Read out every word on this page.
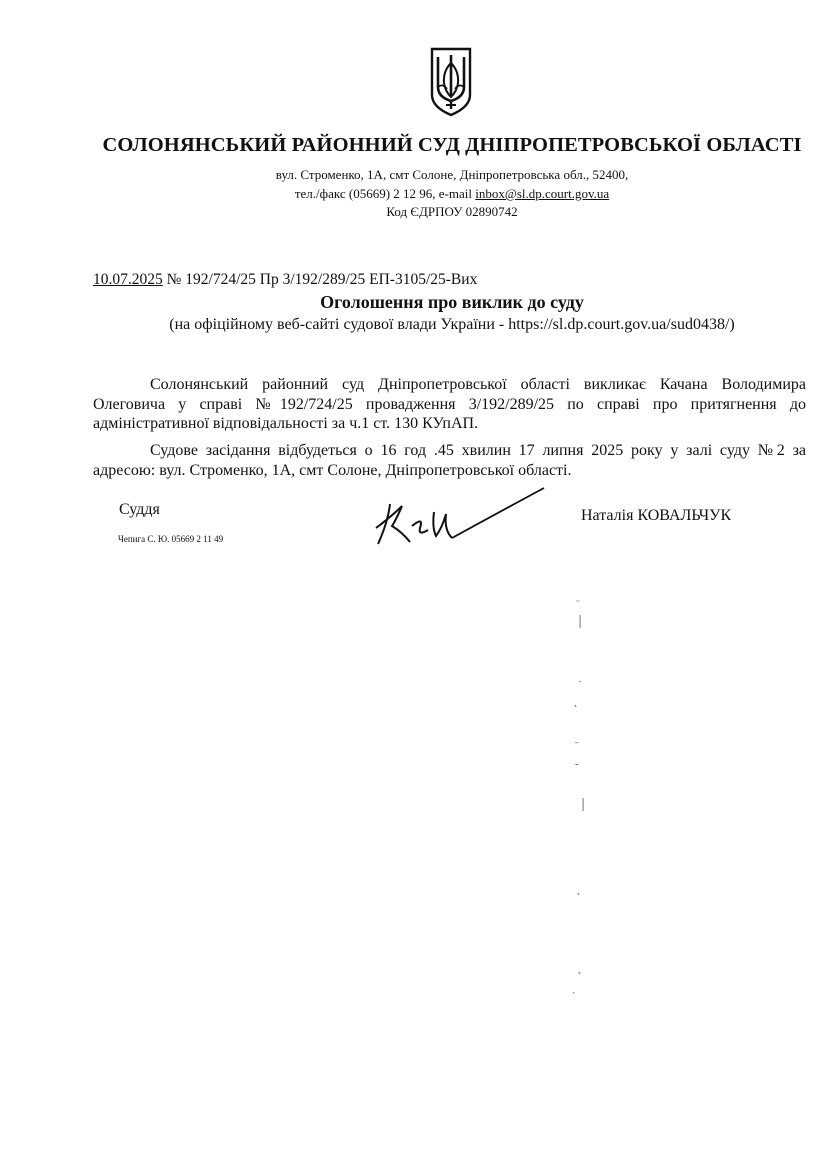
СОЛОНЯНСЬКИЙ РАЙОННИЙ СУД ДНІПРОПЕТРОВСЬКОЇ ОБЛАСТІ
вул. Строменко, 1А, смт Солоне, Дніпропетровська обл., 52400,
тел./факс (05669) 2 12 96, e-mail inbox@sl.dp.court.gov.ua
Код ЄДРПОУ 02890742
10.07.2025 № 192/724/25 Пр 3/192/289/25 ЕП-3105/25-Вих
Оголошення про виклик до суду
(на офіційному веб-сайті судової влади України - https://sl.dp.court.gov.ua/sud0438/)
Солонянський районний суд Дніпропетровської області викликає Качана Володимира Олеговича у справі №192/724/25 провадження 3/192/289/25 по справі про притягнення до адміністративної відповідальності за ч.1 ст. 130 КУпАП.
Судове засідання відбудеться о 16 год .45 хвилин 17 липня 2025 року у залі суду №2 за адресою: вул. Строменко, 1А, смт Солоне, Дніпропетровської області.
Суддя
Чепига С. Ю. 05669 2 11 49
Наталія КОВАЛЬЧУК
¨
׀
·
˛
ˉ
-
׀
˛
˛
ˏ
